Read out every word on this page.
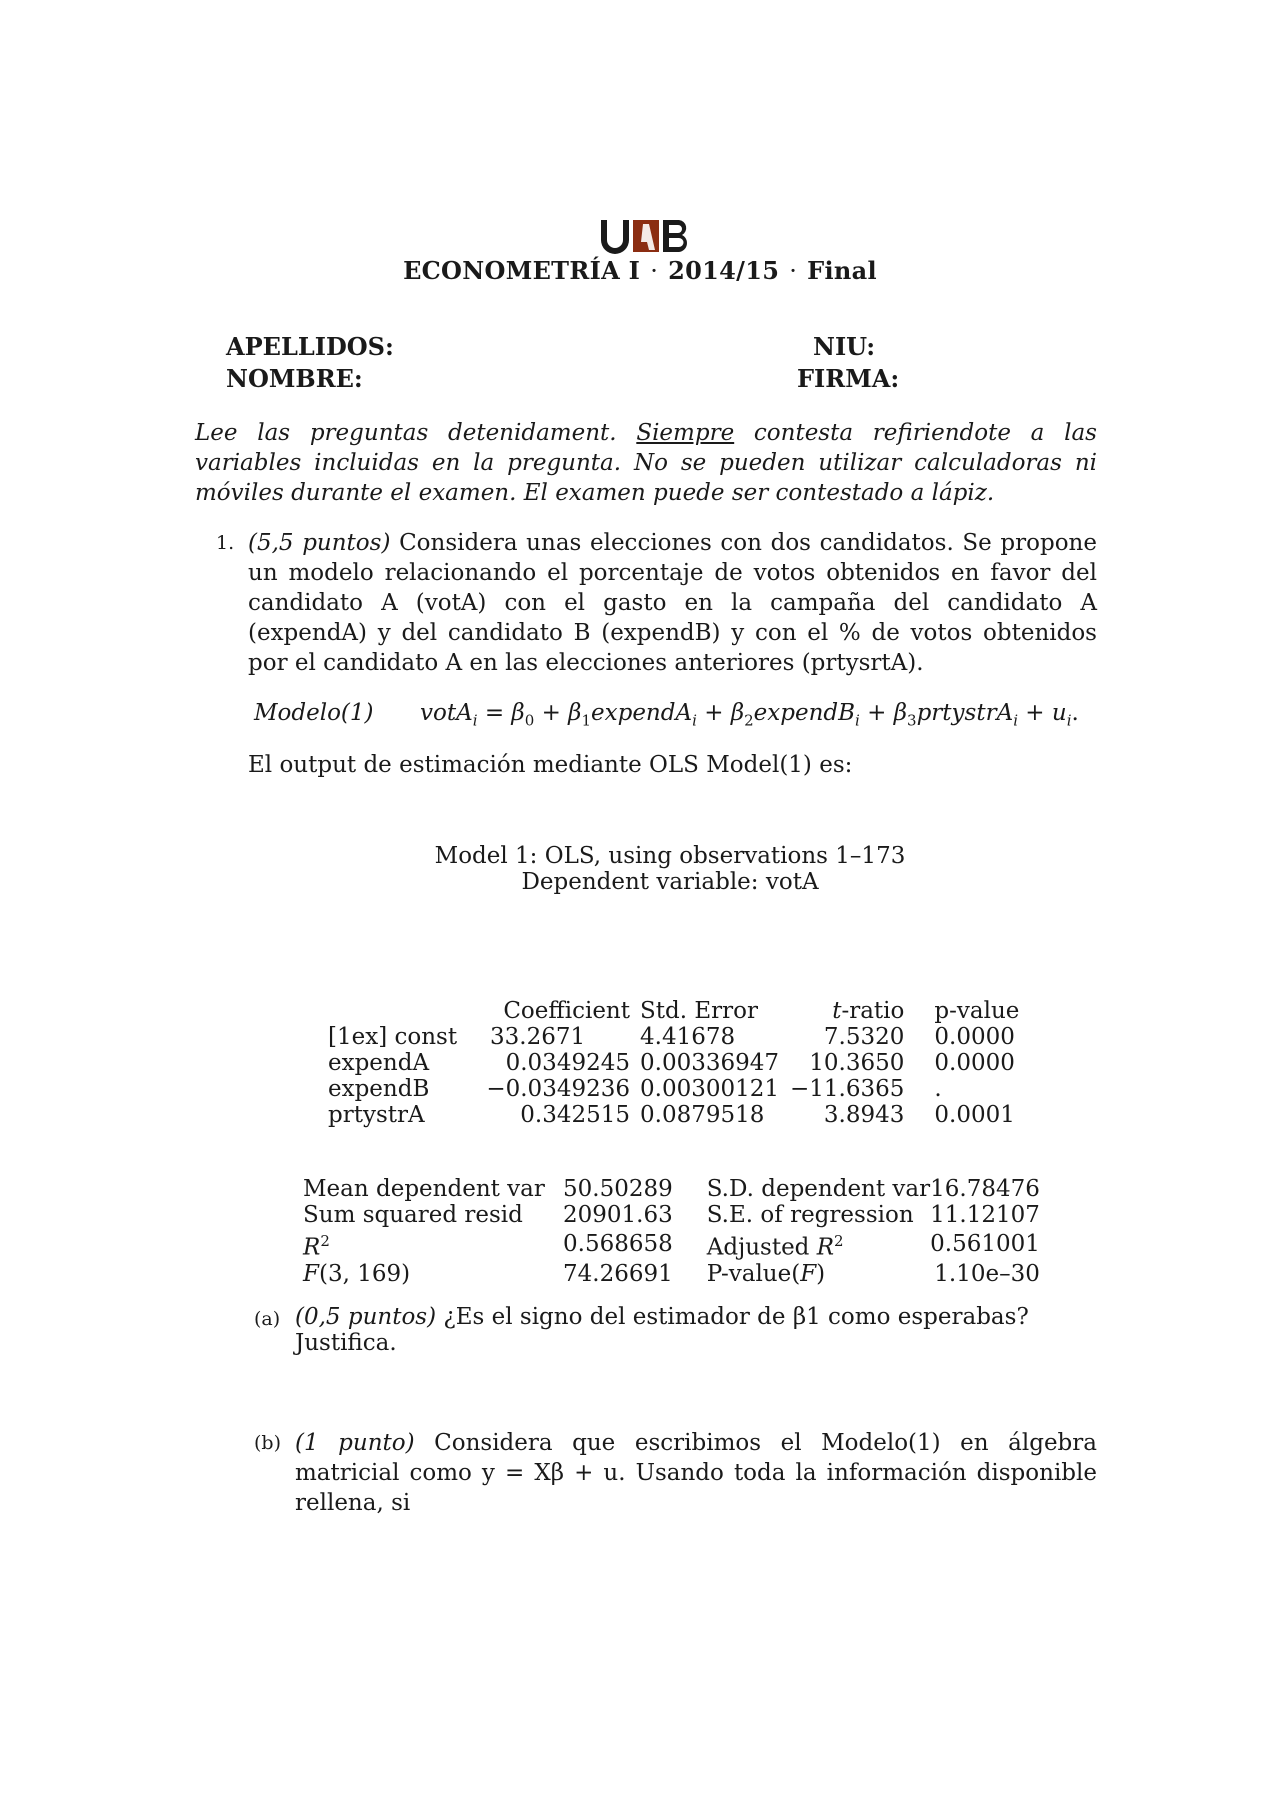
ECONOMETRÍA I · 2014/15 · Final
APELLIDOS:
NOMBRE:
NIU:
FIRMA:
Lee las preguntas detenidament. Siempre contesta refiriendote a las variables incluidas en la pregunta. No se pueden utilizar calculadoras ni móviles durante el examen. El examen puede ser contestado a lápiz.
1. (5,5 puntos) Considera unas elecciones con dos candidatos. Se propone un modelo relacionando el porcentaje de votos obtenidos en favor del candidato A (votA) con el gasto en la campaña del candidato A (expendA) y del candidato B (expendB) y con el % de votos obtenidos por el candidato A en las elecciones anteriores (prtysrtA).
Modelo(1) votA$_i$ = $\beta_0$ + $\beta_1expendA_i$ + $\beta_2expendB_i$ + $\beta_3prtystrA_i + u_i$.
El output de estimación mediante OLS Model(1) es:
Model 1: OLS, using observations 1–173
Dependent variable: votA
	Coefficient	Std. Error	t-ratio	p-value
[1ex] const	33.2671	4.41678	7.5320	0.0000
expendA	0.0349245	0.00336947	10.3650	0.0000
expendB	−0.0349236	0.00300121	−11.6365	.
prtystrA	0.342515	0.0879518	3.8943	0.0001
Mean dependent var	50.50289	S.D. dependent var	16.78476
Sum squared resid	20901.63	S.E. of regression	11.12107
$R^2$	0.568658	Adjusted $R^2$	0.561001
F(3, 169)	74.26691	P-value(F)	1.10e–30
(a) (0,5 puntos) ¿Es el signo del estimador de β1 como esperabas? Justifica.
(b) (1 punto) Considera que escribimos el Modelo(1) en álgebra matricial como y = Xβ + u. Usando toda la información disponible rellena, si
